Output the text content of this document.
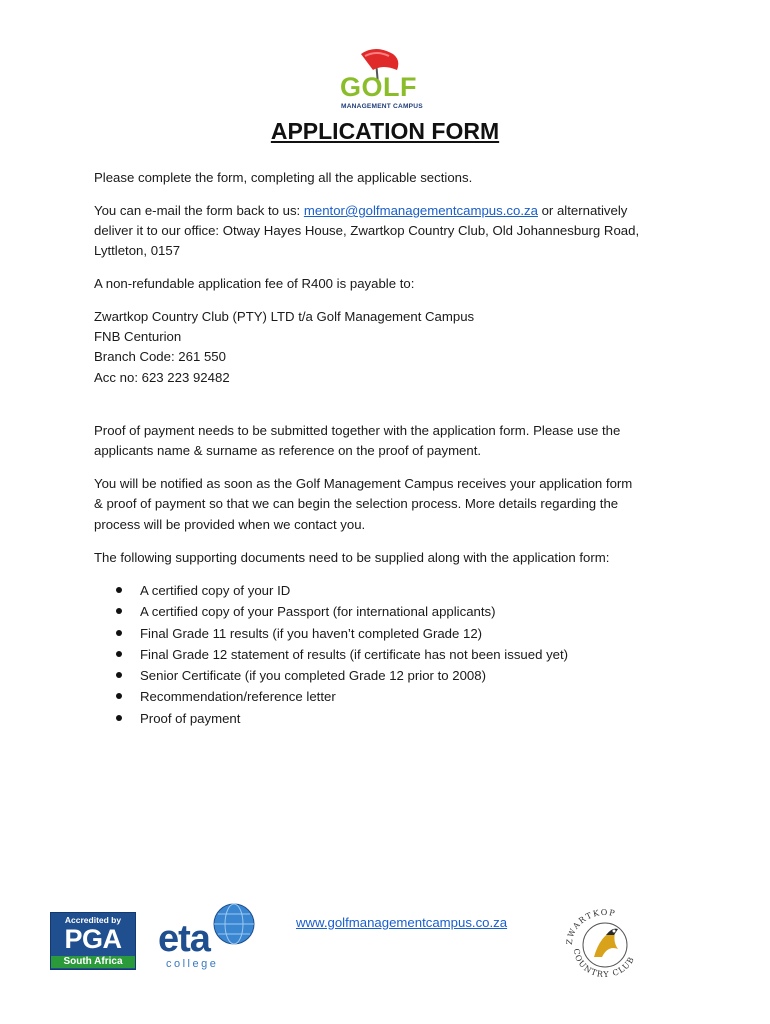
GOLF
MANAGEMENT CAMPUS
APPLICATION FORM

Please complete the form, completing all the applicable sections.

You can e-mail the form back to us: mentor@golfmanagementcampus.co.za or alternatively

deliver it to our office: Otway Hayes House, Zwartkop Country Club, Old Johannesburg Road,

Lyttleton, 0157

A non-refundable application fee of R400 is payable to:

Zwartkop Country Club (PTY) LTD t/a Golf Management Campus

FNB Centurion

Branch Code: 261 550

Acc no: 623 223 92482

Proof of payment needs to be submitted together with the application form. Please use the

applicants name & surname as reference on the proof of payment.

You will be notified as soon as the Golf Management Campus receives your application form

& proof of payment so that we can begin the selection process. More details regarding the

process will be provided when we contact you.

The following supporting documents need to be supplied along with the application form:

A certified copy of your ID
A certified copy of your Passport (for international applicants)
Final Grade 11 results (if you haven’t completed Grade 12)
Final Grade 12 statement of results (if certificate has not been issued yet)
Senior Certificate (if you completed Grade 12 prior to 2008)
Recommendation/reference letter
Proof of payment
Accredited by
PGA
South Africa
eta
college
www.golfmanagementcampus.co.za
ZWARTKOP
COUNTRY CLUB
